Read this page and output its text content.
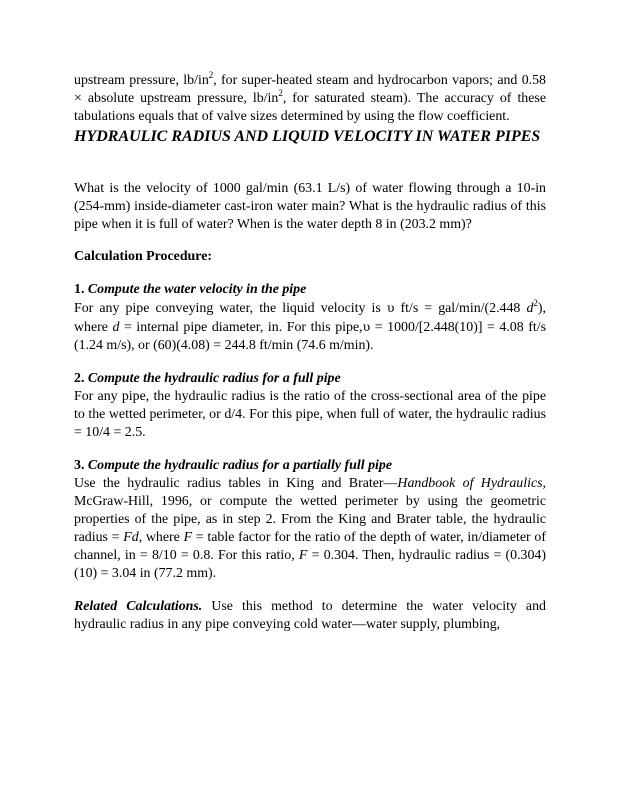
upstream pressure, $lb/in^2$, for super-heated steam and hydrocarbon vapors; and 0.58 × absolute upstream pressure, $lb/in^2$, for saturated steam). The accuracy of these tabulations equals that of valve sizes determined by using the flow coefficient.

HYDRAULIC RADIUS AND LIQUID VELOCITY IN WATER PIPES

What is the velocity of 1000 gal/min (63.1 L/s) of water flowing through a 10-in (254-mm) inside-diameter cast-iron water main? What is the hydraulic radius of this pipe when it is full of water? When is the water depth 8 in (203.2 mm)?

Calculation Procedure:

1. Compute the water velocity in the pipe

For any pipe conveying water, the liquid velocity is υ ft/s = gal/min/(2.448 $d^2$), where d = internal pipe diameter, in. For this pipe,υ = 1000/[2.448(10)] = 4.08 ft/s (1.24 m/s), or (60)(4.08) = 244.8 ft/min (74.6 m/min).

2. Compute the hydraulic radius for a full pipe

For any pipe, the hydraulic radius is the ratio of the cross-sectional area of the pipe to the wetted perimeter, or d/4. For this pipe, when full of water, the hydraulic radius = 10/4 = 2.5.

3. Compute the hydraulic radius for a partially full pipe

Use the hydraulic radius tables in King and Brater—Handbook of Hydraulics, McGraw-Hill, 1996, or compute the wetted perimeter by using the geometric properties of the pipe, as in step 2. From the King and Brater table, the hydraulic radius = Fd, where F = table factor for the ratio of the depth of water, in/diameter of channel, in = 8/10 = 0.8. For this ratio, F = 0.304. Then, hydraulic radius = (0.304)(10) = 3.04 in (77.2 mm).

Related Calculations. Use this method to determine the water velocity and hydraulic radius in any pipe conveying cold water—water supply, plumbing,
